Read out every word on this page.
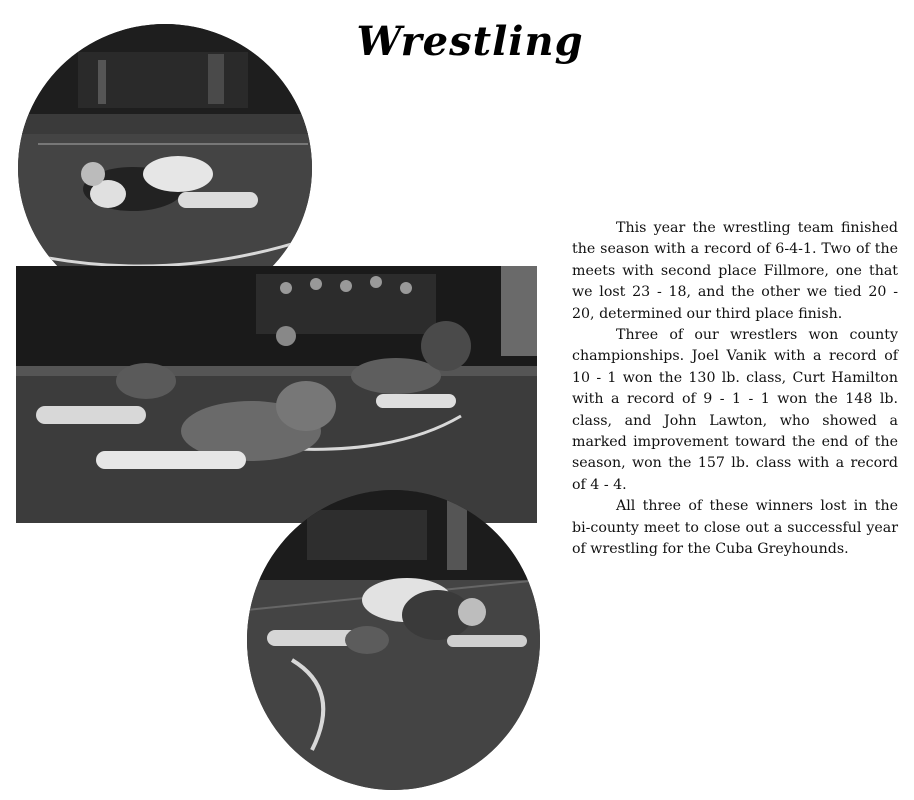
Wrestling

This year the wrestling team finished the season with a record of 6-4-1. Two of the meets with second place Fillmore, one that we lost 23 - 18, and the other we tied 20 - 20, determined our third place finish.

Three of our wrestlers won county championships. Joel Vanik with a record of 10 - 1 won the 130 lb. class, Curt Hamilton with a record of 9 - 1 - 1 won the 148 lb. class, and John Lawton, who showed a marked improvement toward the end of the season, won the 157 lb. class with a record of 4 - 4.

All three of these winners lost in the bi-county meet to close out a successful year of wrestling for the Cuba Greyhounds.
